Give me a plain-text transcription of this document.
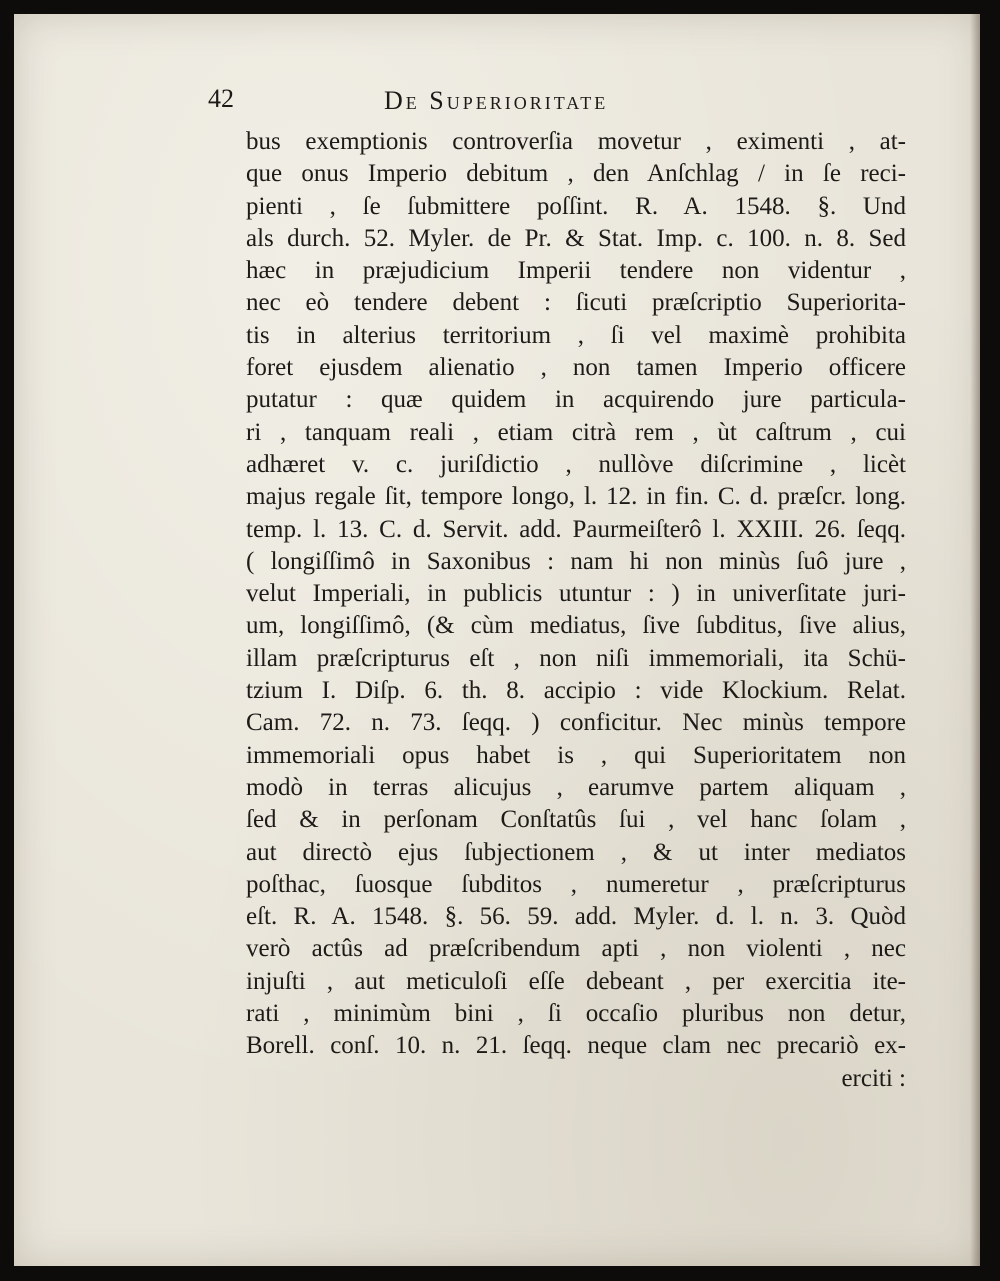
42	De Superioritate
bus exemptionis controverſia movetur , eximenti , at-
que onus Imperio debitum , den Anſchlag / in ſe reci-
pienti , ſe ſubmittere poſſint. R. A. 1548. §. Und
als durch. 52. Myler. de Pr. & Stat. Imp. c. 100. n. 8. Sed
hæc in præjudicium Imperii tendere non videntur ,
nec eò tendere debent : ſicuti præſcriptio Superiorita-
tis in alterius territorium , ſi vel maximè prohibita
foret ejusdem alienatio , non tamen Imperio officere
putatur : quæ quidem in acquirendo jure particula-
ri , tanquam reali , etiam citrà rem , ùt caſtrum , cui
adhæret v. c. juriſdictio , nullòve diſcrimine , licèt
majus regale ſit, tempore longo, l. 12. in fin. C. d. præſcr. long.
temp. l. 13. C. d. Servit. add. Paurmeiſterô l. XXIII. 26. ſeqq.
( longiſſimô in Saxonibus : nam hi non minùs ſuô jure ,
velut Imperiali, in publicis utuntur : ) in univerſitate juri-
um, longiſſimô, (& cùm mediatus, ſive ſubditus, ſive alius,
illam præſcripturus eſt , non niſi immemoriali, ita Schü-
tzium I. Diſp. 6. th. 8. accipio : vide Klockium. Relat.
Cam. 72. n. 73. ſeqq. ) conficitur. Nec minùs tempore
immemoriali opus habet is , qui Superioritatem non
modò in terras alicujus , earumve partem aliquam ,
ſed & in perſonam Conſtatûs ſui , vel hanc ſolam ,
aut directò ejus ſubjectionem , & ut inter mediatos
poſthac, ſuosque ſubditos , numeretur , præſcripturus
eſt. R. A. 1548. §. 56. 59. add. Myler. d. l. n. 3. Quòd
verò actûs ad præſcribendum apti , non violenti , nec
injuſti , aut meticuloſi eſſe debeant , per exercitia ite-
rati , minimùm bini , ſi occaſio pluribus non detur,
Borell. conſ. 10. n. 21. ſeqq. neque clam nec precariò ex-
erciti :
